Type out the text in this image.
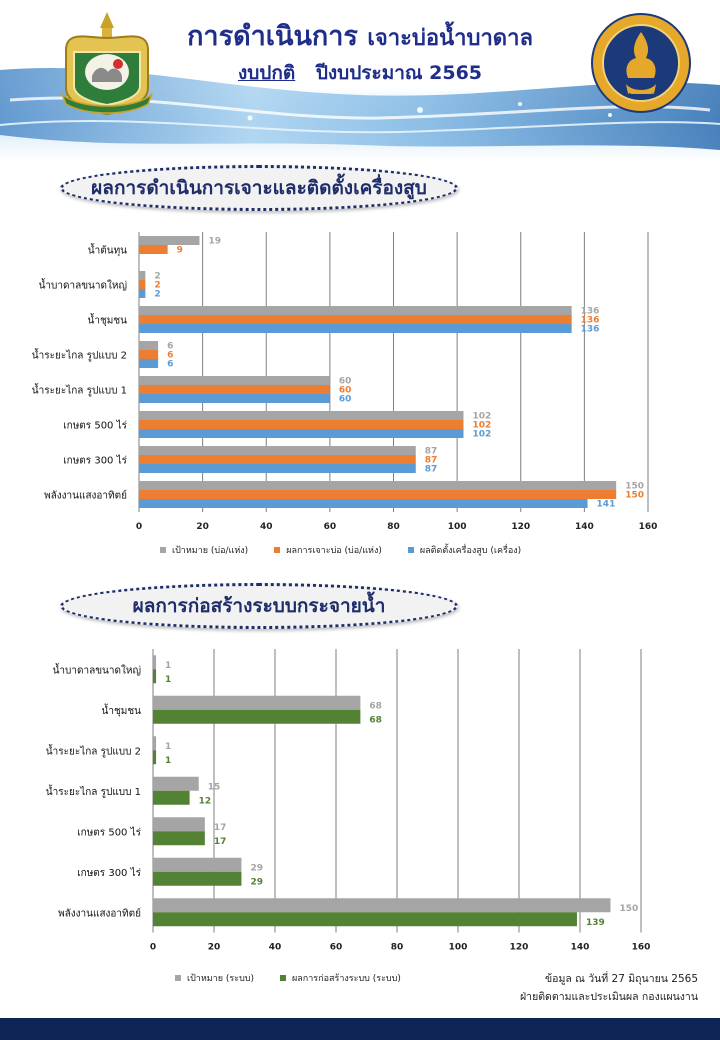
TMENT OF GROUNDWATER RESO
การดำเนินการ เจาะบ่อน้ำบาดาล
งบปกติ ปีงบประมาณ 2565
ผลการดำเนินการเจาะและติดตั้งเครื่องสูบ
0	20	40	60	80	100	120	140	160
น้ำต้นทุน
19
9
น้ำบาดาลขนาดใหญ่
2
2
2
น้ำชุมชน
136
136
136
น้ำระยะไกล รูปแบบ 2
6
6
6
น้ำระยะไกล รูปแบบ 1
60
60
60
เกษตร 500 ไร่
102
102
102
เกษตร 300 ไร่
87
87
87
พลังงานแสงอาทิตย์
150
150
141
เป้าหมาย (บ่อ/แห่ง)	ผลการเจาะบ่อ (บ่อ/แห่ง)	ผลติดตั้งเครื่องสูบ (เครื่อง)
ผลการก่อสร้างระบบกระจายน้ำ
0	20	40	60	80	100	120	140	160
น้ำบาดาลขนาดใหญ่	1
1
น้ำชุมชน	68
68
น้ำระยะไกล รูปแบบ 2	1
1
น้ำระยะไกล รูปแบบ 1	15
12
เกษตร 500 ไร่	17
17
เกษตร 300 ไร่	29
29
พลังงานแสงอาทิตย์	150
139
เป้าหมาย (ระบบ)	ผลการก่อสร้างระบบ (ระบบ)	ข้อมูล ณ วันที่ 27 มิถุนายน 2565
ฝ่ายติดตามและประเมินผล กองแผนงาน
